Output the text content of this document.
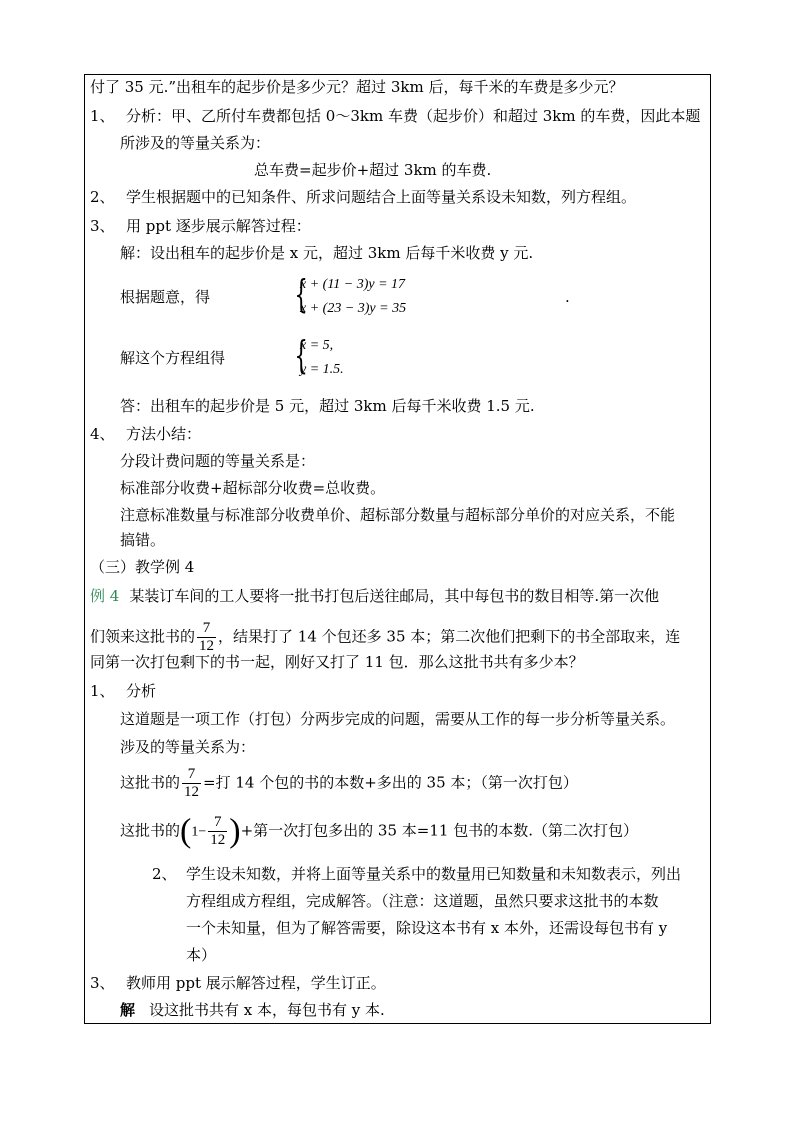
付了 35 元.”出租车的起步价是多少元？超过 3km 后，每千米的车费是多少元？
1、 分析：甲、乙所付车费都包括 0～3km 车费（起步价）和超过 3km 的车费，因此本题
所涉及的等量关系为：
总车费=起步价+超过 3km 的车费.
2、 学生根据题中的已知条件、所求问题结合上面等量关系设未知数，列方程组。
3、 用 ppt 逐步展示解答过程：
解：设出租车的起步价是 x 元，超过 3km 后每千米收费 y 元.
根据题意，得 {
x + (11 − 3)y = 17
x + (23 − 3)y = 35
.
解这个方程组得 {
x = 5,
y = 1.5.
答：出租车的起步价是 5 元，超过 3km 后每千米收费 1.5 元.
4、 方法小结：
分段计费问题的等量关系是：
标准部分收费+超标部分收费=总收费。
注意标准数量与标准部分收费单价、超标部分数量与超标部分单价的对应关系，不能
搞错。
（三）教学例 4
例 4 某装订车间的工人要将一批书打包后送往邮局，其中每包书的数目相等.第一次他
们领来这批书的 $\frac{7}{12}$ ，结果打了 14 个包还多 35 本；第二次他们把剩下的书全部取来，连
同第一次打包剩下的书一起，刚好又打了 11 包．那么这批书共有多少本？
1、 分析
这道题是一项工作（打包）分两步完成的问题，需要从工作的每一步分析等量关系。
涉及的等量关系为：
这批书的 $\frac{7}{12}$ =打 14 个包的书的本数+多出的 35 本；（第一次打包）
这批书的($1- \frac{7}{12}$ )+第一次打包多出的 35 本=11 包书的本数.（第二次打包）
2、 学生设未知数，并将上面等量关系中的数量用已知数量和未知数表示，列出
方程组成方程组，完成解答。（注意：这道题，虽然只要求这批书的本数
一个未知量，但为了解答需要，除设这本书有 x 本外，还需设每包书有 y
本）
3、 教师用 ppt 展示解答过程，学生订正。
解 设这批书共有 x 本，每包书有 y 本.
